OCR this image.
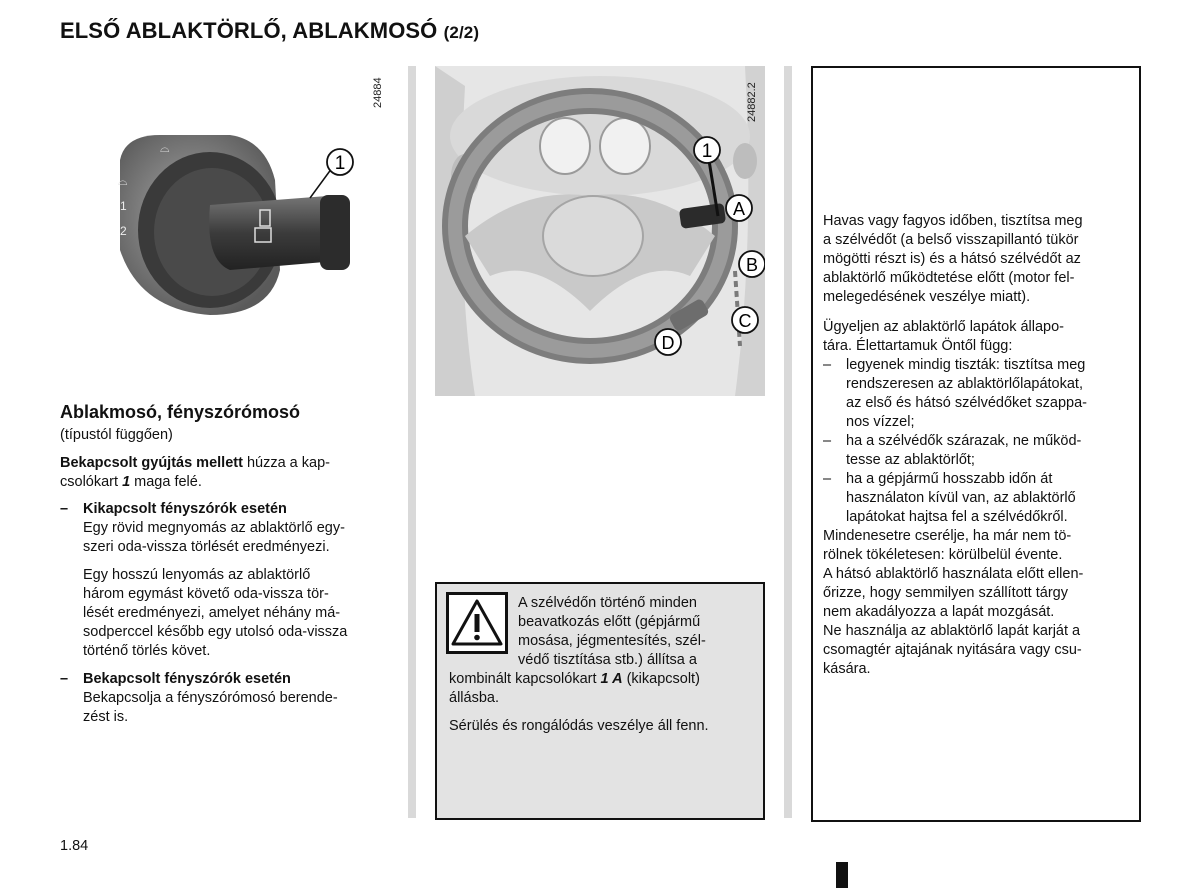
ELSŐ ABLAKTÖRLŐ, ABLAKMOSÓ (2/2)
⌓
⌓
1
2
1
24884
Ablakmosó, fényszórómosó
(típustól függően)
Bekapcsolt gyújtás mellett húzza a kap-
csolókart 1 maga felé.
– Kikapcsolt fényszórók esetén
Egy rövid megnyomás az ablaktörlő egy-
szeri oda-vissza törlését eredményezi.
Egy hosszú lenyomás az ablaktörlő
három egymást követő oda-vissza tör-
lését eredményezi, amelyet néhány má-
sodperccel később egy utolsó oda-vissza
történő törlés követ.
– Bekapcsolt fényszórók esetén
Bekapcsolja a fényszórómosó berende-
zést is.
1
A
B
C
D
24882.2
A szélvédőn történő minden
beavatkozás előtt (gépjármű
mosása, jégmentesítés, szél-
védő tisztítása stb.) állítsa a
kombinált kapcsolókart 1 A (kikapcsolt)
állásba.
Sérülés és rongálódás veszélye áll fenn.
Havas vagy fagyos időben, tisztítsa meg
a szélvédőt (a belső visszapillantó tükör
mögötti részt is) és a hátsó szélvédőt az
ablaktörlő működtetése előtt (motor fel-
melegedésének veszélye miatt).
Ügyeljen az ablaktörlő lapátok állapo-
tára. Élettartamuk Öntől függ:
– legyenek mindig tiszták: tisztítsa meg
rendszeresen az ablaktörlőlapátokat,
az első és hátsó szélvédőket szappa-
nos vízzel;
– ha a szélvédők szárazak, ne működ-
tesse az ablaktörlőt;
– ha a gépjármű hosszabb időn át
használaton kívül van, az ablaktörlő
lapátokat hajtsa fel a szélvédőkről.
Mindenesetre cserélje, ha már nem tö-
rölnek tökéletesen: körülbelül évente.
A hátsó ablaktörlő használata előtt ellen-
őrizze, hogy semmilyen szállított tárgy
nem akadályozza a lapát mozgását.
Ne használja az ablaktörlő lapát karját a
csomagtér ajtajának nyitására vagy csu-
kására.
1.84
